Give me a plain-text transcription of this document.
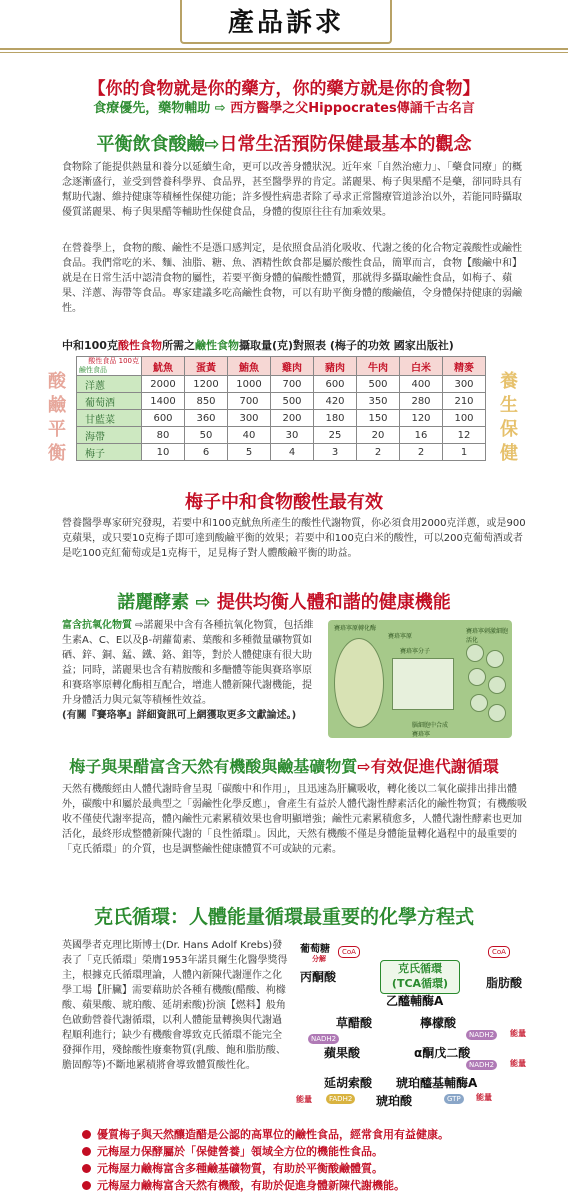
產品訴求
【你的食物就是你的藥方，你的藥方就是你的食物】
食療優先，藥物輔助 ⇨ 西方醫學之父Hippocrates傳誦千古名言
平衡飲食酸鹼⇨日常生活預防保健最基本的觀念
食物除了能提供熱量和養分以延續生命，更可以改善身體狀況。近年來「自然治癒力」、「藥食同療」的概念逐漸盛行，並受到營養科學界、食品界，甚至醫學界的肯定。諾麗果、梅子與果醋不是藥，卻同時具有幫助代謝、維持健康等積極性保健功能；許多慢性病患者除了尋求正常醫療管道診治以外，若能同時攝取優質諾麗果、梅子與果醋等輔助性保健食品，身體的復原往往有加乘效果。
在營養學上，食物的酸、鹼性不是憑口感判定，是依照食品消化吸收、代謝之後的化合物定義酸性或鹼性食品。我們常吃的米、麵、油脂、糖、魚、酒精性飲食都是屬於酸性食品，簡單而言，食物【酸鹼中和】就是在日常生活中認清食物的屬性，若要平衡身體的偏酸性體質，那就得多攝取鹼性食品，如梅子、蘋果、洋蔥、海帶等食品。專家建議多吃高鹼性食物，可以有助平衡身體的酸鹼值，令身體保持健康的弱鹼性。
中和100克酸性食物所需之鹼性食物攝取量(克)對照表 (梅子的功效 國家出版社)
酸
鹼
平
衡
養
生
保
健
酸性食品 100克
鹼性食品	魷魚	蛋黃	鮪魚	雞肉	豬肉	牛肉	白米	精麥
洋蔥	2000	1200	1000	700	600	500	400	300
葡萄酒	1400	850	700	500	420	350	280	210
甘藍菜	600	360	300	200	180	150	120	100
海帶	80	50	40	30	25	20	16	12
梅子	10	6	5	4	3	2	2	1
梅子中和食物酸性最有效
營養醫學專家研究發現，若要中和100克魷魚所產生的酸性代謝物質，你必須食用2000克洋蔥，或是900克蘋果，或只要10克梅子即可達到酸鹼平衡的效果；若要中和100克白米的酸性，可以200克葡萄酒或者是吃100克紅葡萄或是1克梅干，足見梅子對人體酸鹼平衡的助益。
諾麗酵素 ⇨ 提供均衡人體和諧的健康機能
富含抗氧化物質 ⇨諾麗果中含有各種抗氧化物質，包括維生素A、C、E以及β-胡蘿蔔素、葉酸和多種微量礦物質如硒、鋅、銅、錳、鐵、鉻、鉬等，對於人體健康有很大助益；同時，諾麗果也含有精胺酸和多醣體等能與賽珞寧原和賽珞寧原轉化酶相互配合，增進人體新陳代謝機能，提升身體活力與元氣等積極性效益。
(有關『賽珞寧』詳細資訊可上網獲取更多文獻論述。)
賽珞寧原轉化酶
賽珞寧原
賽珞寧分子
賽珞寧刺激細胞活化
腦細胞中合成賽珞寧
梅子與果醋富含天然有機酸與鹼基礦物質⇨有效促進代謝循環
天然有機酸經由人體代謝時會呈現「碳酸中和作用」，且迅速為肝臟吸收，轉化後以二氧化碳排出排出體外，碳酸中和屬於最典型之「弱鹼性化學反應」，會產生有益於人體代謝性酵素活化的鹼性物質；有機酸吸收不僅使代謝率提高，體內鹼性元素累積效果也會明顯增強；鹼性元素累積愈多，人體代謝性酵素也更加活化，最終形成整體新陳代謝的「良性循環」。因此，天然有機酸不僅是身體能量轉化過程中的最重要的「克氏循環」的介質，也是調整鹼性健康體質不可或缺的元素。
克氏循環：人體能量循環最重要的化學方程式
英國學者克理比斯博士(Dr. Hans Adolf Krebs)發表了「克氏循環」榮膺1953年諾貝爾生化醫學獎得主，根據克氏循環理論，人體內新陳代謝運作之化學工場【肝臟】需要藉助於各種有機酸(醋酸、枸橼酸、蘋果酸、琥珀酸、延胡索酸)扮演【燃料】般角色啟動營養代謝循環，以利人體能量轉換與代謝過程順利進行；缺少有機酸會導致克氏循環不能完全發揮作用，殘餘酸性廢棄物質(乳酸、飽和脂肪酸、膽固醇等)不斷地累積將會導致體質酸性化。
葡萄糖
分解
丙酮酸
CoA
克氏循環
(TCA循環)
乙醯輔酶A
CoA
脂肪酸
草醋酸	檸檬酸
NADH2	NADH2	能量
蘋果酸	α酮戊二酸
NADH2	能量
延胡索酸 琥珀醯基輔酶A
能量	FADH2 琥珀酸	GTP	能量
優質梅子與天然釀造醋是公認的高單位的鹼性食品，經常食用有益健康。
元梅屋力保酵屬於「保健營養」領域全方位的機能性食品。
元梅屋力鹼梅富含多種鹼基礦物質，有助於平衡酸鹼體質。
元梅屋力鹼梅富含天然有機酸，有助於促進身體新陳代謝機能。
